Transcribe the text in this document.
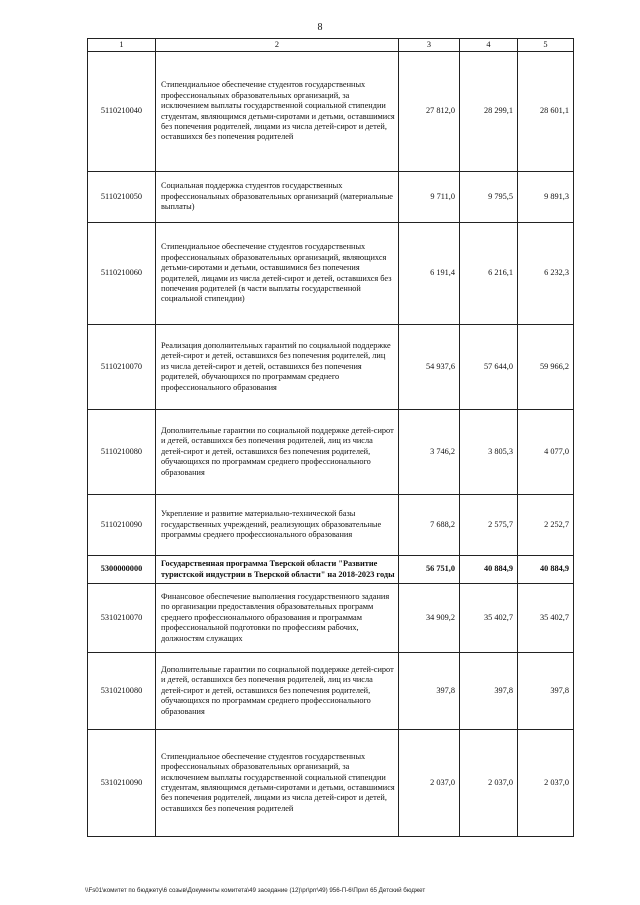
8
1	2	3	4	5
5110210040	Стипендиальное обеспечение студентов государственных профессиональных образовательных организаций, за исключением выплаты государственной социальной стипендии студентам, являющимся детьми-сиротами и детьми, оставшимися без попечения родителей, лицами из числа детей-сирот и детей, оставшихся без попечения родителей	27 812,0	28 299,1	28 601,1
5110210050	Социальная поддержка студентов государственных профессиональных образовательных организаций (материальные выплаты)	9 711,0	9 795,5	9 891,3
5110210060	Стипендиальное обеспечение студентов государственных профессиональных образовательных организаций, являющихся детьми-сиротами и детьми, оставшимися без попечения родителей, лицами из числа детей-сирот и детей, оставшихся без попечения родителей (в части выплаты государственной социальной стипендии)	6 191,4	6 216,1	6 232,3
5110210070	Реализация дополнительных гарантий по социальной поддержке детей-сирот и детей, оставшихся без попечения родителей, лиц из числа детей-сирот и детей, оставшихся без попечения родителей, обучающихся по программам среднего профессионального образования	54 937,6	57 644,0	59 966,2
5110210080	Дополнительные гарантии по социальной поддержке детей-сирот и детей, оставшихся без попечения родителей, лиц из числа детей-сирот и детей, оставшихся без попечения родителей, обучающихся по программам среднего профессионального образования	3 746,2	3 805,3	4 077,0
5110210090	Укрепление и развитие материально-технической базы государственных учреждений, реализующих образовательные программы среднего профессионального образования	7 688,2	2 575,7	2 252,7
5300000000	Государственная программа Тверской области "Развитие туристской индустрии в Тверской области" на 2018-2023 годы	56 751,0	40 884,9	40 884,9
5310210070	Финансовое обеспечение выполнения государственного задания по организации предоставления образовательных программ среднего профессионального образования и программам профессиональной подготовки по профессиям рабочих, должностям служащих	34 909,2	35 402,7	35 402,7
5310210080	Дополнительные гарантии по социальной поддержке детей-сирот и детей, оставшихся без попечения родителей, лиц из числа детей-сирот и детей, оставшихся без попечения родителей, обучающихся по программам среднего профессионального образования	397,8	397,8	397,8
5310210090	Стипендиальное обеспечение студентов государственных профессиональных образовательных организаций, за исключением выплаты государственной социальной стипендии студентам, являющимся детьми-сиротами и детьми, оставшимися без попечения родителей, лицами из числа детей-сирот и детей, оставшихся без попечения родителей	2 037,0	2 037,0	2 037,0
\\Fs01\комитет по бюджету\6 созыв\Документы комитета\49 заседание (12)\pr\prr\49) 956-П-6\Прил 65 Детский бюджет
